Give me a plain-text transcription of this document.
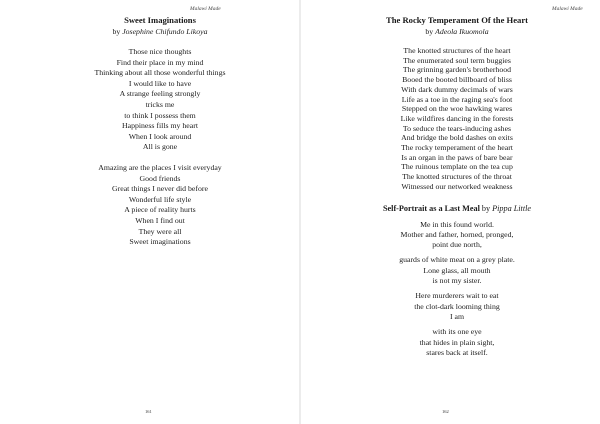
Malawi Made
Sweet Imaginations
by Josephine Chifundo Likoya
Those nice thoughts
Find their place in my mind
Thinking about all those wonderful things
I would like to have
A strange feeling strongly
tricks me
to think I possess them
Happiness fills my heart
When I look around
All is gone
Amazing are the places I visit everyday
Good friends
Great things I never did before
Wonderful life style
A piece of reality hurts
When I find out
They were all
Sweet imaginations
161
Malawi Made
The Rocky Temperament Of the Heart
by Adeola Ikuomola
The knotted structures of the heart
The enumerated soul term buggies
The grinning garden's brotherhood
Booed the booted billboard of bliss
With dark dummy decimals of wars
Life as a toe in the raging sea's foot
Stepped on the woe hawking wares
Like wildfires dancing in the forests
To seduce the tears-inducing ashes
And bridge the bold dashes on exits
The rocky temperament of the heart
Is an organ in the paws of bare bear
The ruinous template on the tea cup
The knotted structures of the throat
Witnessed our networked weakness
Self-Portrait as a Last Meal by Pippa Little
Me in this found world.
Mother and father, horned, pronged,
point due north,
guards of white meat on a grey plate.
Lone glass, all mouth
is not my sister.
Here murderers wait to eat
the clot-dark looming thing
I am
with its one eye
that hides in plain sight,
stares back at itself.
162
